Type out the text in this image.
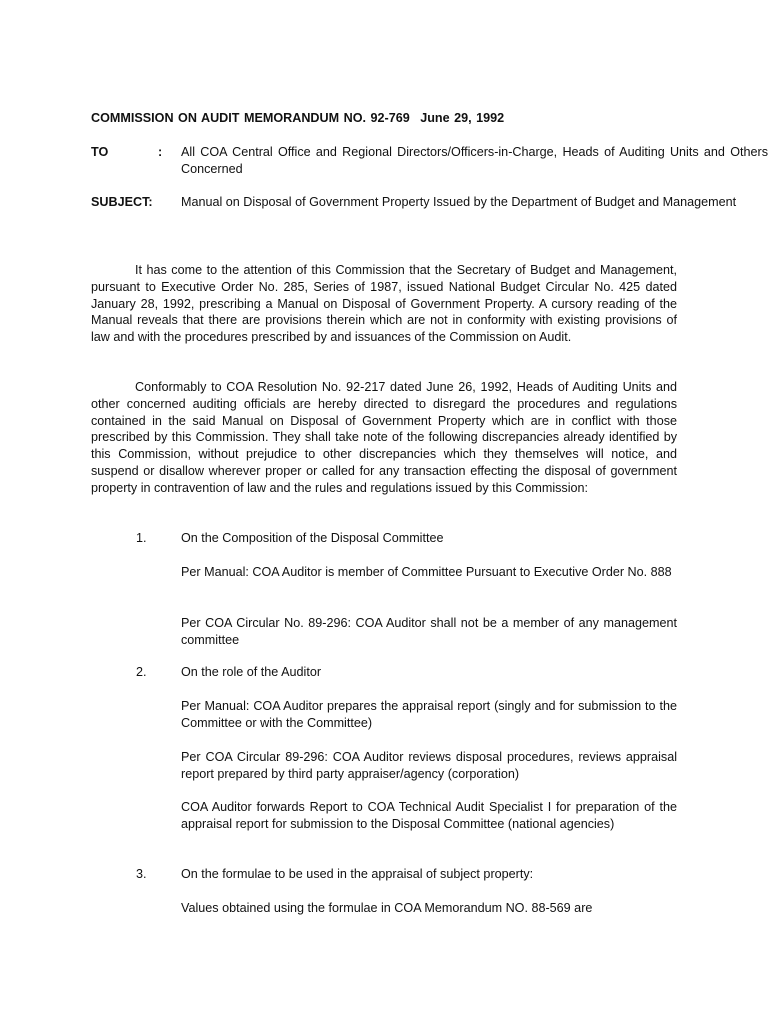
COMMISSION ON AUDIT MEMORANDUM NO. 92-769 June 29, 1992
TO	: All COA Central Office and Regional Directors/Officers-in-Charge, Heads of Auditing Units and Others Concerned
SUBJECT: Manual on Disposal of Government Property Issued by the Department of Budget and Management
It has come to the attention of this Commission that the Secretary of Budget and Management, pursuant to Executive Order No. 285, Series of 1987, issued National Budget Circular No. 425 dated January 28, 1992, prescribing a Manual on Disposal of Government Property. A cursory reading of the Manual reveals that there are provisions therein which are not in conformity with existing provisions of law and with the procedures prescribed by and issuances of the Commission on Audit.
Conformably to COA Resolution No. 92-217 dated June 26, 1992, Heads of Auditing Units and other concerned auditing officials are hereby directed to disregard the procedures and regulations contained in the said Manual on Disposal of Government Property which are in conflict with those prescribed by this Commission. They shall take note of the following discrepancies already identified by this Commission, without prejudice to other discrepancies which they themselves will notice, and suspend or disallow wherever proper or called for any transaction effecting the disposal of government property in contravention of law and the rules and regulations issued by this Commission:
1.	On the Composition of the Disposal Committee
Per Manual: COA Auditor is member of Committee Pursuant to Executive Order No. 888
Per COA Circular No. 89-296: COA Auditor shall not be a member of any management committee
2.	On the role of the Auditor
Per Manual: COA Auditor prepares the appraisal report (singly and for submission to the Committee or with the Committee)
Per COA Circular 89-296: COA Auditor reviews disposal procedures, reviews appraisal report prepared by third party appraiser/agency (corporation)
COA Auditor forwards Report to COA Technical Audit Specialist I for preparation of the appraisal report for submission to the Disposal Committee (national agencies)
3.	On the formulae to be used in the appraisal of subject property:
Values obtained using the formulae in COA Memorandum NO. 88-569 are
